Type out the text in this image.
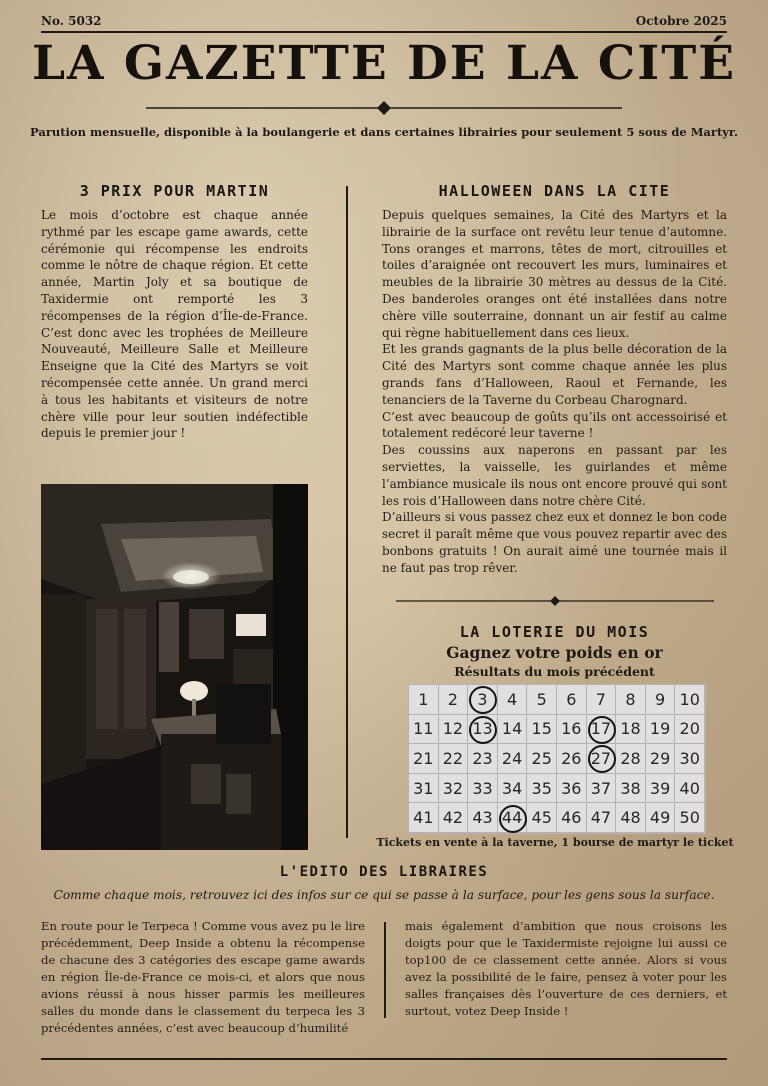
No. 5032	Octobre 2025
LA GAZETTE DE LA CITÉ
Parution mensuelle, disponible à la boulangerie et dans certaines librairies pour seulement 5 sous de Martyr.
3 PRIX POUR MARTIN
Le mois d’octobre est chaque année rythmé par les escape game awards, cette cérémonie qui récompense les endroits comme le nôtre de chaque région. Et cette année, Martin Joly et sa boutique de Taxidermie ont remporté les 3 récompenses de la région d’Île-de-France. C’est donc avec les trophées de Meilleure Nouveauté, Meilleure Salle et Meilleure Enseigne que la Cité des Martyrs se voit récompensée cette année. Un grand merci à tous les habitants et visiteurs de notre chère ville pour leur soutien indéfectible depuis le premier jour !
HALLOWEEN DANS LA CITE

Depuis quelques semaines, la Cité des Martyrs et la librairie de la surface ont revêtu leur tenue d’automne. Tons oranges et marrons, têtes de mort, citrouilles et toiles d’araignée ont recouvert les murs, luminaires et meubles de la librairie 30 mètres au dessus de la Cité. Des banderoles oranges ont été installées dans notre chère ville souterraine, donnant un air festif au calme qui règne habituellement dans ces lieux.

Et les grands gagnants de la plus belle décoration de la Cité des Martyrs sont comme chaque année les plus grands fans d’Halloween, Raoul et Fernande, les tenanciers de la Taverne du Corbeau Charognard.

C’est avec beaucoup de goûts qu’ils ont accessoirisé et totalement redécoré leur taverne !

Des coussins aux naperons en passant par les serviettes, la vaisselle, les guirlandes et même l’ambiance musicale ils nous ont encore prouvé qui sont les rois d’Halloween dans notre chère Cité.

D’ailleurs si vous passez chez eux et donnez le bon code secret il paraît même que vous pouvez repartir avec des bonbons gratuits ! On aurait aimé une tournée mais il ne faut pas trop rêver.

LA LOTERIE DU MOIS
Gagnez votre poids en or
Résultats du mois précédent
1	2	3	4	5	6	7	8	9 10
11 12 13 14 15 16 17 18 19 20
21 22 23 24 25 26 27 28 29 30
31 32 33 34 35 36 37 38 39 40
41 42 43 44 45 46 47 48 49 50
Tickets en vente à la taverne, 1 bourse de martyr le ticket
L'EDITO DES LIBRAIRES
Comme chaque mois, retrouvez ici des infos sur ce qui se passe à la surface, pour les gens sous la surface.
En route pour le Terpeca ! Comme vous avez pu le lire précédemment, Deep Inside a obtenu la récompense de chacune des 3 catégories des escape game awards en région Île-de-France ce mois-ci, et alors que nous avions réussi à nous hisser parmis les meilleures salles du monde dans le classement du terpeca les 3 précédentes années, c’est avec beaucoup d’humilité
mais également d’ambition que nous croisons les doigts pour que le Taxidermiste rejoigne lui aussi ce top100 de ce classement cette année. Alors si vous avez la possibilité de le faire, pensez à voter pour les salles françaises dès l’ouverture de ces derniers, et surtout, votez Deep Inside !
